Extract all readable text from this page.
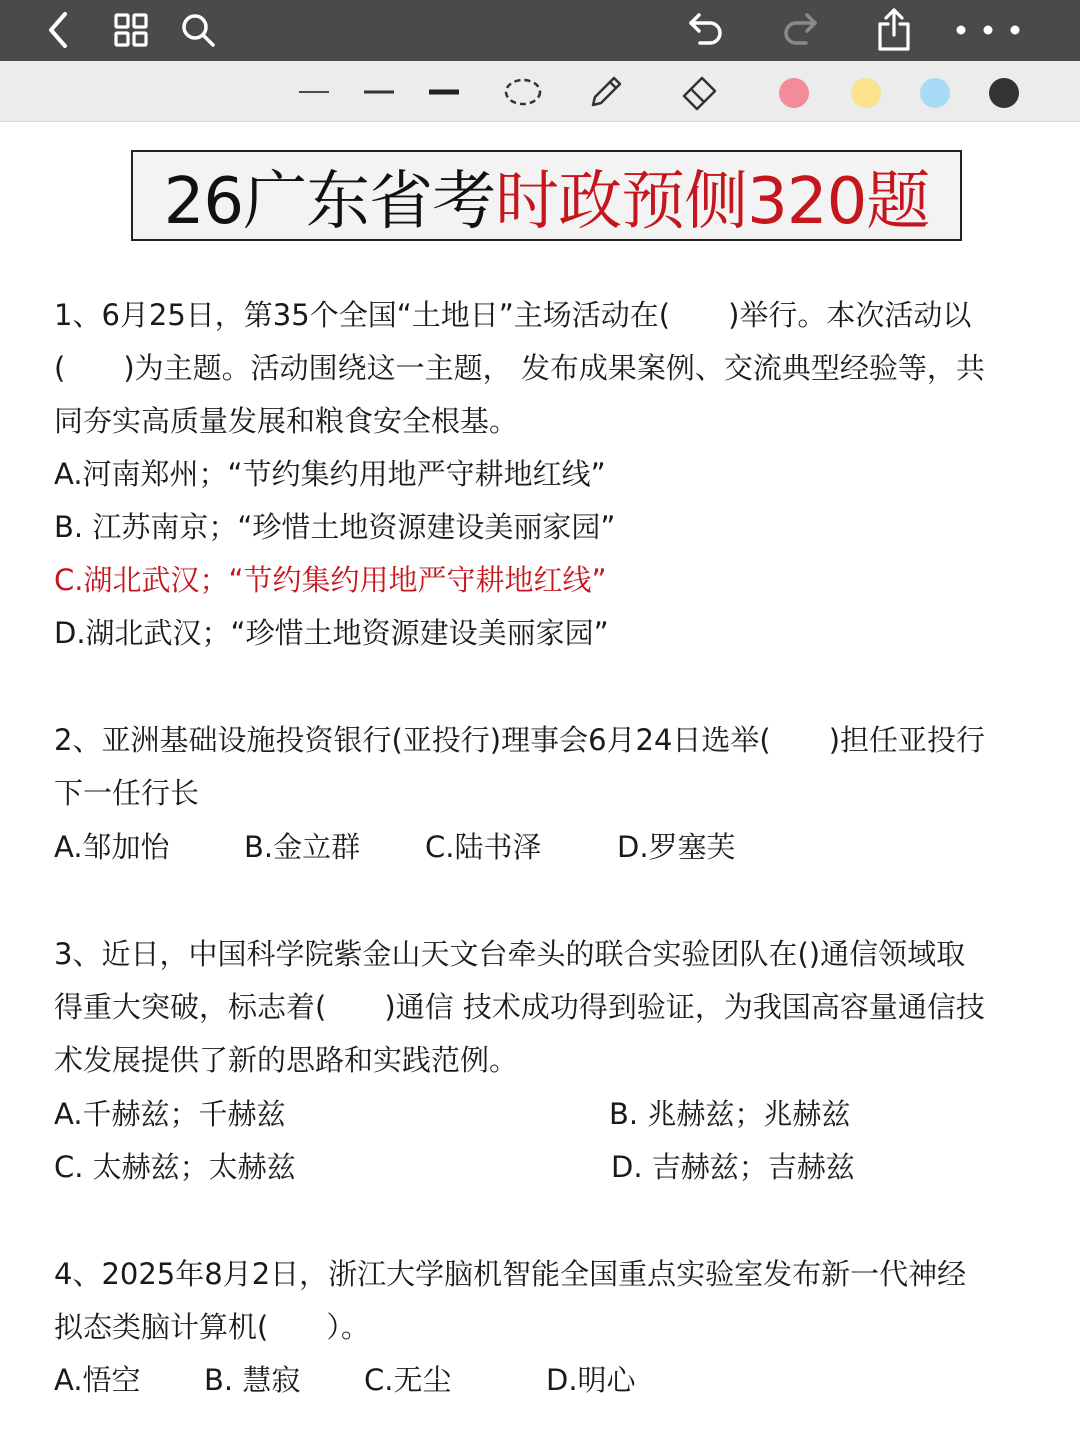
26广东省考 时政预侧320题
1、6月25日，第35个全国“土地日”主场活动在(　　)举行。本次活动以
(　　)为主题。活动围绕这一主题， 发布成果案例、交流典型经验等，共
同夯实高质量发展和粮食安全根基。
A.河南郑州；“节约集约用地严守耕地红线”
B. 江苏南京；“珍惜土地资源建设美丽家园”
C.湖北武汉；“节约集约用地严守耕地红线”
D.湖北武汉；“珍惜土地资源建设美丽家园”
2、亚洲基础设施投资银行(亚投行)理事会6月24日选举(　　)担任亚投行
下一任行长
A.邹加怡	B.金立群 C.陆书泽	D.罗塞芙
3、近日，中国科学院紫金山天文台牵头的联合实验团队在()通信领域取
得重大突破，标志着(　　)通信 技术成功得到验证，为我国高容量通信技
术发展提供了新的思路和实践范例。
A.千赫兹；千赫兹	B. 兆赫兹；兆赫兹
C. 太赫兹；太赫兹	D. 吉赫兹；吉赫兹
4、2025年8月2日，浙江大学脑机智能全国重点实验室发布新一代神经
拟态类脑计算机(　　）。
A.悟空 B. 慧寂 C.无尘	D.明心
